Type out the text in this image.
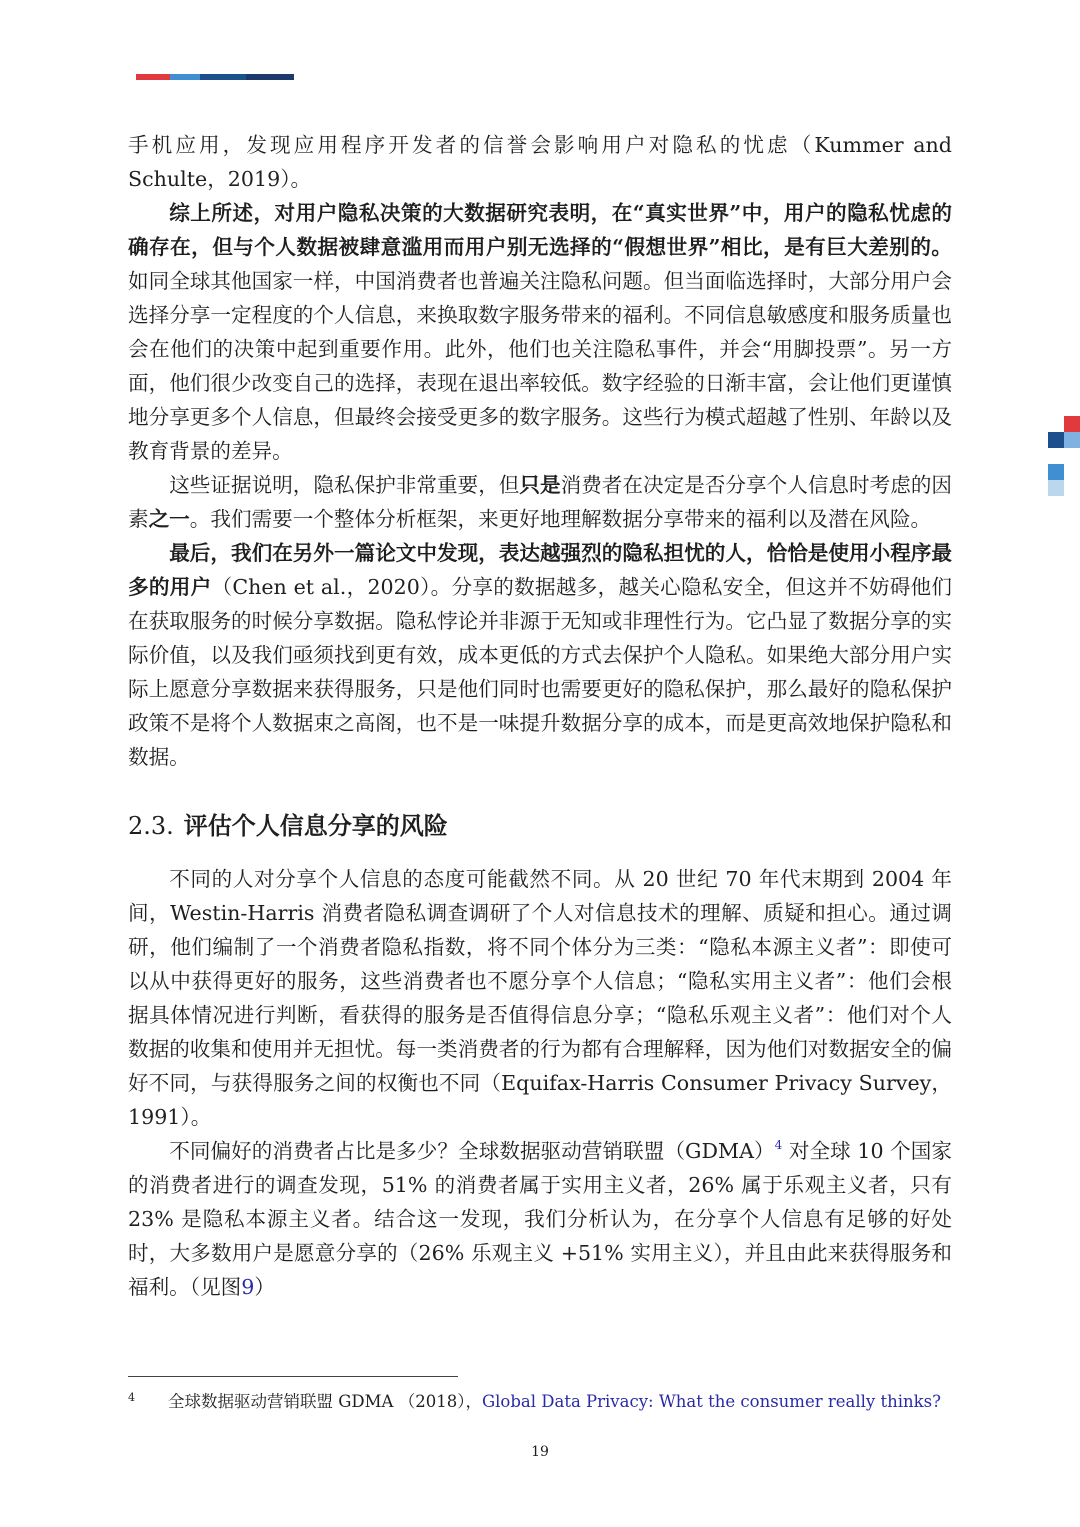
手机应用，发现应用程序开发者的信誉会影响用户对隐私的忧虑（Kummer and Schulte，2019）。

综上所述，对用户隐私决策的大数据研究表明，在“真实世界”中，用户的隐私忧虑的确存在，但与个人数据被肆意滥用而用户别无选择的“假想世界”相比，是有巨大差别的。如同全球其他国家一样，中国消费者也普遍关注隐私问题。但当面临选择时，大部分用户会选择分享一定程度的个人信息，来换取数字服务带来的福利。不同信息敏感度和服务质量也会在他们的决策中起到重要作用。此外，他们也关注隐私事件，并会“用脚投票”。另一方面，他们很少改变自己的选择，表现在退出率较低。数字经验的日渐丰富，会让他们更谨慎地分享更多个人信息，但最终会接受更多的数字服务。这些行为模式超越了性别、年龄以及教育背景的差异。

这些证据说明，隐私保护非常重要，但只是消费者在决定是否分享个人信息时考虑的因素之一。我们需要一个整体分析框架，来更好地理解数据分享带来的福利以及潜在风险。

最后，我们在另外一篇论文中发现，表达越强烈的隐私担忧的人，恰恰是使用小程序最多的用户（Chen et al.，2020）。分享的数据越多，越关心隐私安全，但这并不妨碍他们在获取服务的时候分享数据。隐私悖论并非源于无知或非理性行为。它凸显了数据分享的实际价值，以及我们亟须找到更有效，成本更低的方式去保护个人隐私。如果绝大部分用户实际上愿意分享数据来获得服务，只是他们同时也需要更好的隐私保护，那么最好的隐私保护政策不是将个人数据束之高阁，也不是一味提升数据分享的成本，而是更高效地保护隐私和数据。

2.3. 评估个人信息分享的风险

不同的人对分享个人信息的态度可能截然不同。从 20 世纪 70 年代末期到 2004 年间，Westin-Harris 消费者隐私调查调研了个人对信息技术的理解、质疑和担心。通过调研，他们编制了一个消费者隐私指数，将不同个体分为三类：“隐私本源主义者”：即使可以从中获得更好的服务，这些消费者也不愿分享个人信息；“隐私实用主义者”：他们会根据具体情况进行判断，看获得的服务是否值得信息分享；“隐私乐观主义者”：他们对个人数据的收集和使用并无担忧。每一类消费者的行为都有合理解释，因为他们对数据安全的偏好不同，与获得服务之间的权衡也不同（Equifax-Harris Consumer Privacy Survey，1991）。

不同偏好的消费者占比是多少？全球数据驱动营销联盟（GDMA）$^4$ 对全球 10 个国家的消费者进行的调查发现，51% 的消费者属于实用主义者，26% 属于乐观主义者，只有 23% 是隐私本源主义者。结合这一发现，我们分析认为，在分享个人信息有足够的好处时，大多数用户是愿意分享的（26% 乐观主义 +51% 实用主义），并且由此来获得服务和福利。（见图9）

4 全球数据驱动营销联盟 GDMA （2018），Global Data Privacy: What the consumer really thinks?
19
